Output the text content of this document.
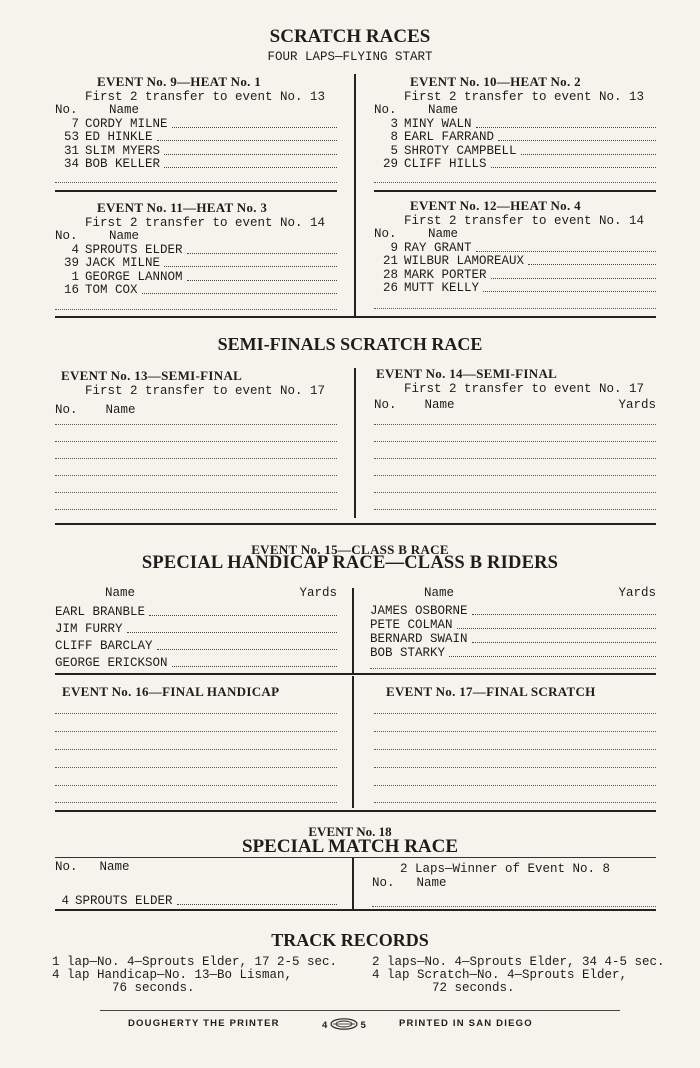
SCRATCH RACES
FOUR LAPS—FLYING START
EVENT No. 9—HEAT No. 1
First 2 transfer to event No. 13
No.	Name
7 CORDY MILNE
53 ED HINKLE
31 SLIM MYERS
34 BOB KELLER
EVENT No. 10—HEAT No. 2
First 2 transfer to event No. 13
No.	Name
3 MINY WALN
8 EARL FARRAND
5 SHROTY CAMPBELL
29 CLIFF HILLS
EVENT No. 11—HEAT No. 3
First 2 transfer to event No. 14
No.	Name
4 SPROUTS ELDER
39 JACK MILNE
1 GEORGE LANNOM
16 TOM COX
EVENT No. 12—HEAT No. 4
First 2 transfer to event No. 14
No.	Name
9 RAY GRANT
21 WILBUR LAMOREAUX
28 MARK PORTER
26 MUTT KELLY
SEMI-FINALS SCRATCH RACE
EVENT No. 13—SEMI-FINAL
First 2 transfer to event No. 17
No. Name
EVENT No. 14—SEMI-FINAL
First 2 transfer to event No. 17
No.	Name	Yards
EVENT No. 15—CLASS B RACE
SPECIAL HANDICAP RACE—CLASS B RIDERS
Name	Yards
EARL BRANBLE
JIM FURRY
CLIFF BARCLAY
GEORGE ERICKSON
Name	Yards
JAMES OSBORNE
PETE COLMAN
BERNARD SWAIN
BOB STARKY
EVENT No. 16—FINAL HANDICAP	EVENT No. 17—FINAL SCRATCH
EVENT No. 18
SPECIAL MATCH RACE
No. Name
4 SPROUTS ELDER
2 Laps—Winner of Event No. 8
No. Name
TRACK RECORDS
1 lap—No. 4—Sprouts Elder, 17 2-5 sec.
4 lap Handicap—No. 13—Bo Lisman,
76 seconds.
2 laps—No. 4—Sprouts Elder, 34 4-5 sec.
4 lap Scratch—No. 4—Sprouts Elder,
72 seconds.
DOUGHERTY THE PRINTER	4	5	PRINTED IN SAN DIEGO
